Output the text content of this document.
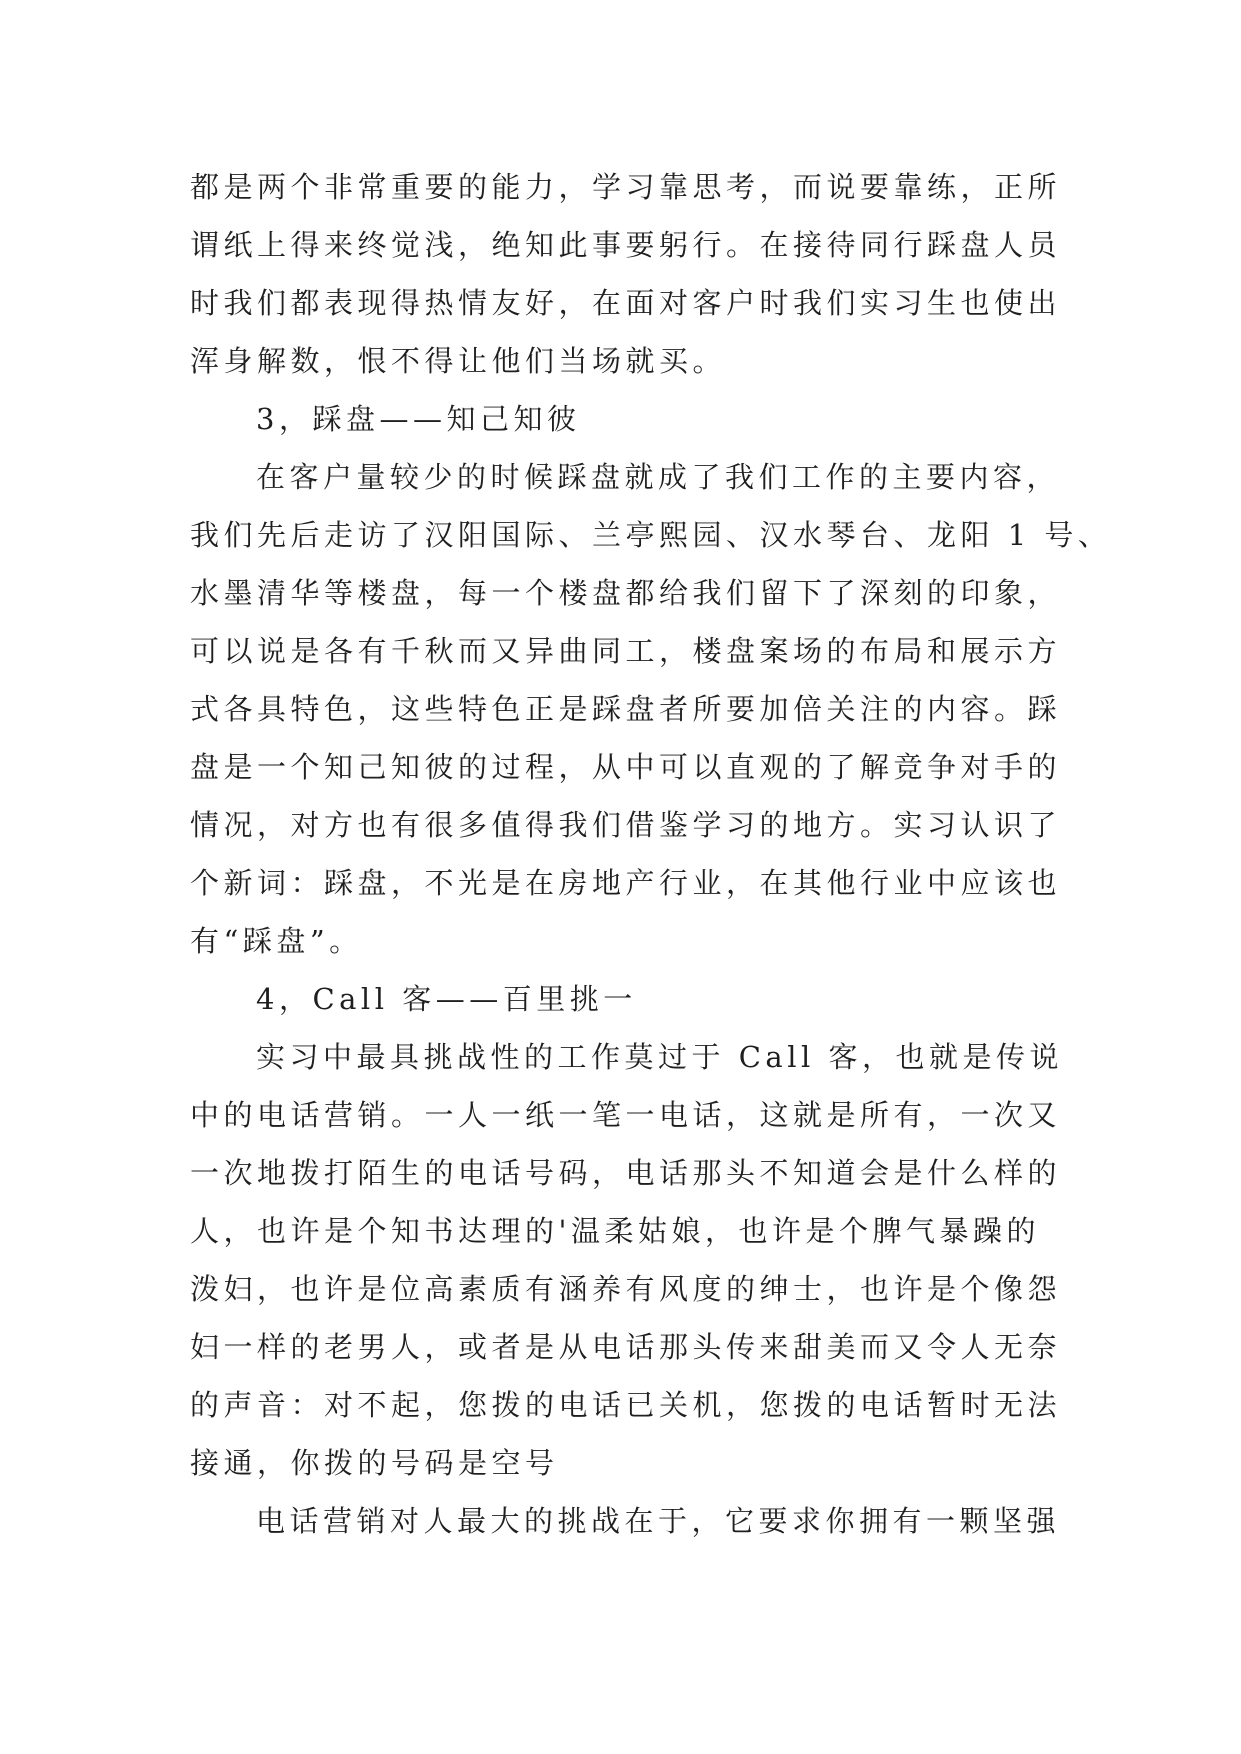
都是两个非常重要的能力，学习靠思考，而说要靠练，正所
谓纸上得来终觉浅，绝知此事要躬行。在接待同行踩盘人员
时我们都表现得热情友好，在面对客户时我们实习生也使出
浑身解数，恨不得让他们当场就买。
3，踩盘——知己知彼
在客户量较少的时候踩盘就成了我们工作的主要内容，
我们先后走访了汉阳国际、兰亭熙园、汉水琴台、龙阳 1 号、
水墨清华等楼盘，每一个楼盘都给我们留下了深刻的印象，
可以说是各有千秋而又异曲同工，楼盘案场的布局和展示方
式各具特色，这些特色正是踩盘者所要加倍关注的内容。踩
盘是一个知己知彼的过程，从中可以直观的了解竞争对手的
情况，对方也有很多值得我们借鉴学习的地方。实习认识了
个新词：踩盘，不光是在房地产行业，在其他行业中应该也
有“踩盘”。
4，Call 客——百里挑一
实习中最具挑战性的工作莫过于 Call 客，也就是传说
中的电话营销。一人一纸一笔一电话，这就是所有，一次又
一次地拨打陌生的电话号码，电话那头不知道会是什么样的
人，也许是个知书达理的'温柔姑娘，也许是个脾气暴躁的
泼妇，也许是位高素质有涵养有风度的绅士，也许是个像怨
妇一样的老男人，或者是从电话那头传来甜美而又令人无奈
的声音：对不起，您拨的电话已关机，您拨的电话暂时无法
接通，你拨的号码是空号
电话营销对人最大的挑战在于，它要求你拥有一颗坚强
